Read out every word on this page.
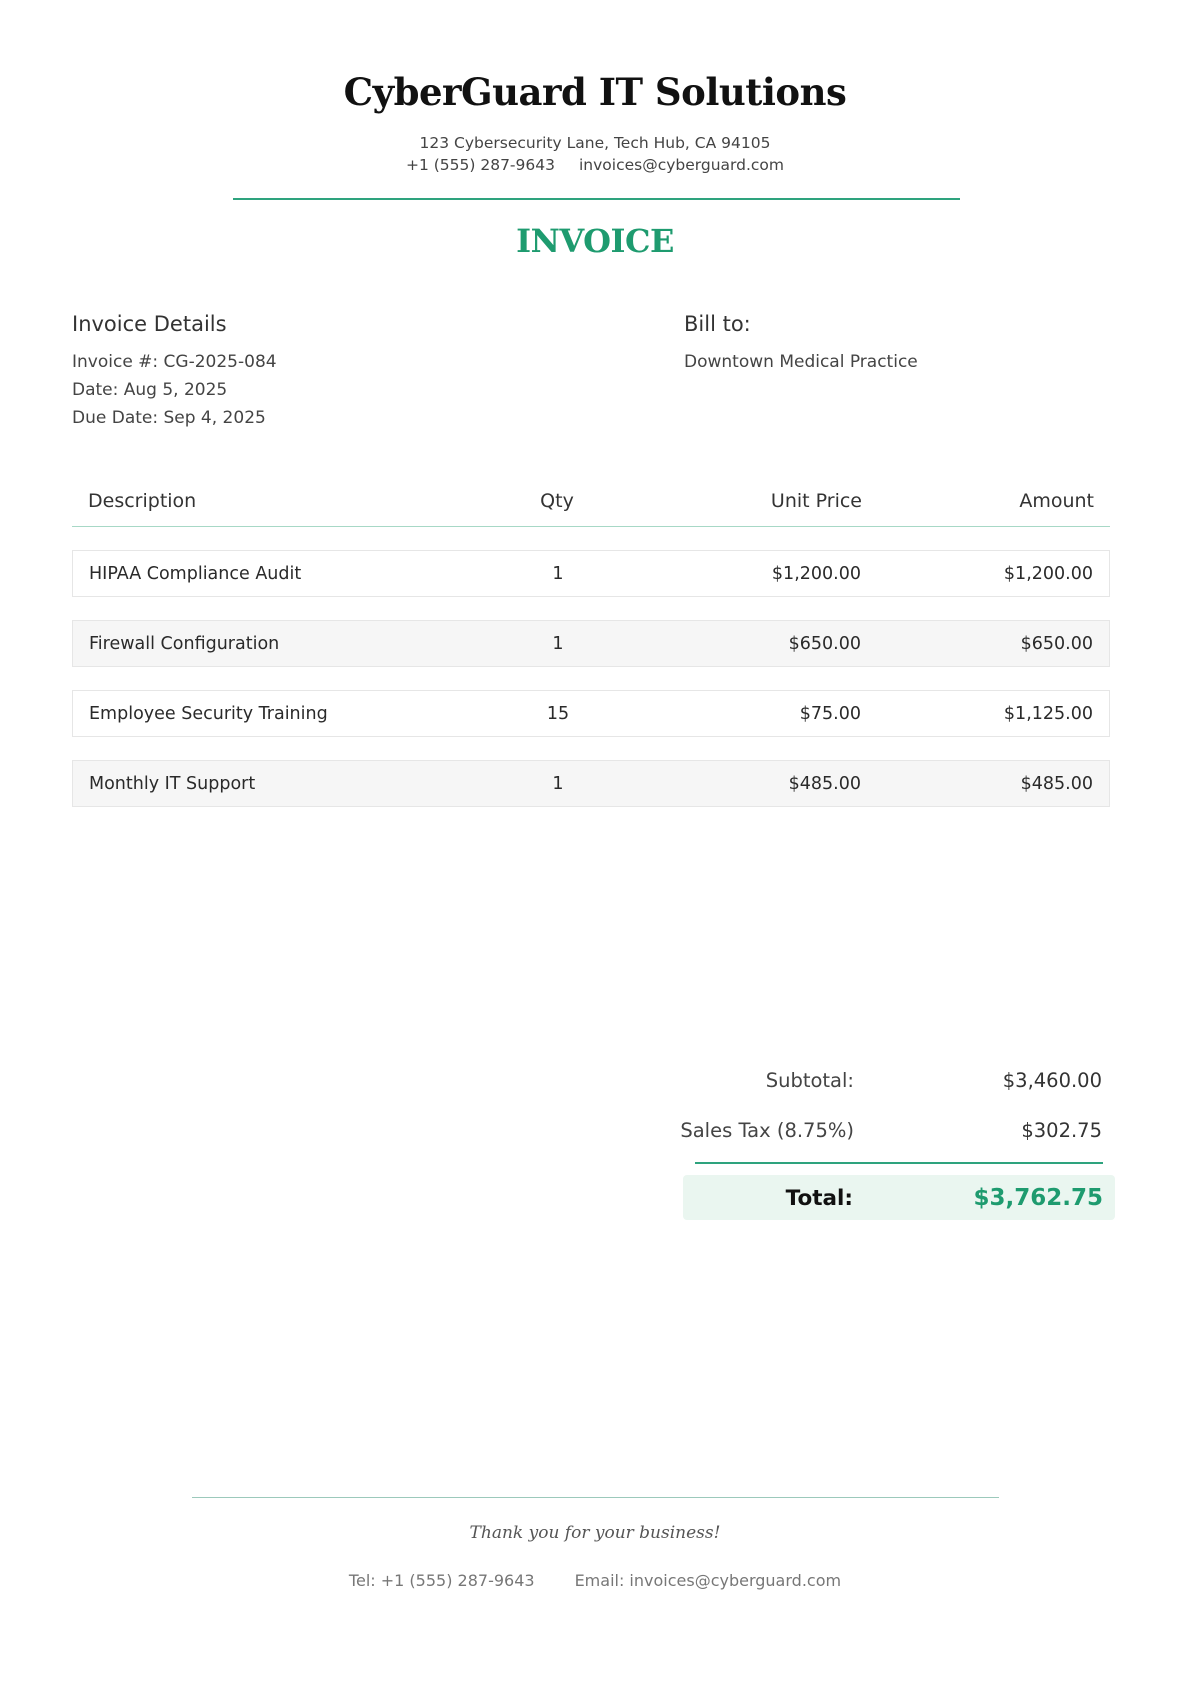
CyberGuard IT Solutions
123 Cybersecurity Lane, Tech Hub, CA 94105
+1 (555) 287-9643 invoices@cyberguard.com
INVOICE
Invoice Details
Invoice #: CG-2025-084
Date: Aug 5, 2025
Due Date: Sep 4, 2025
Bill to:
Downtown Medical Practice
Description	Qty	Unit Price	Amount
HIPAA Compliance Audit	1	$1,200.00	$1,200.00
Firewall Configuration	1	$650.00	$650.00
Employee Security Training	15	$75.00	$1,125.00
Monthly IT Support	1	$485.00	$485.00
Subtotal:	$3,460.00
Sales Tax (8.75%)	$302.75
Total:	$3,762.75
Thank you for your business!
Tel: +1 (555) 287-9643	Email: invoices@cyberguard.com
